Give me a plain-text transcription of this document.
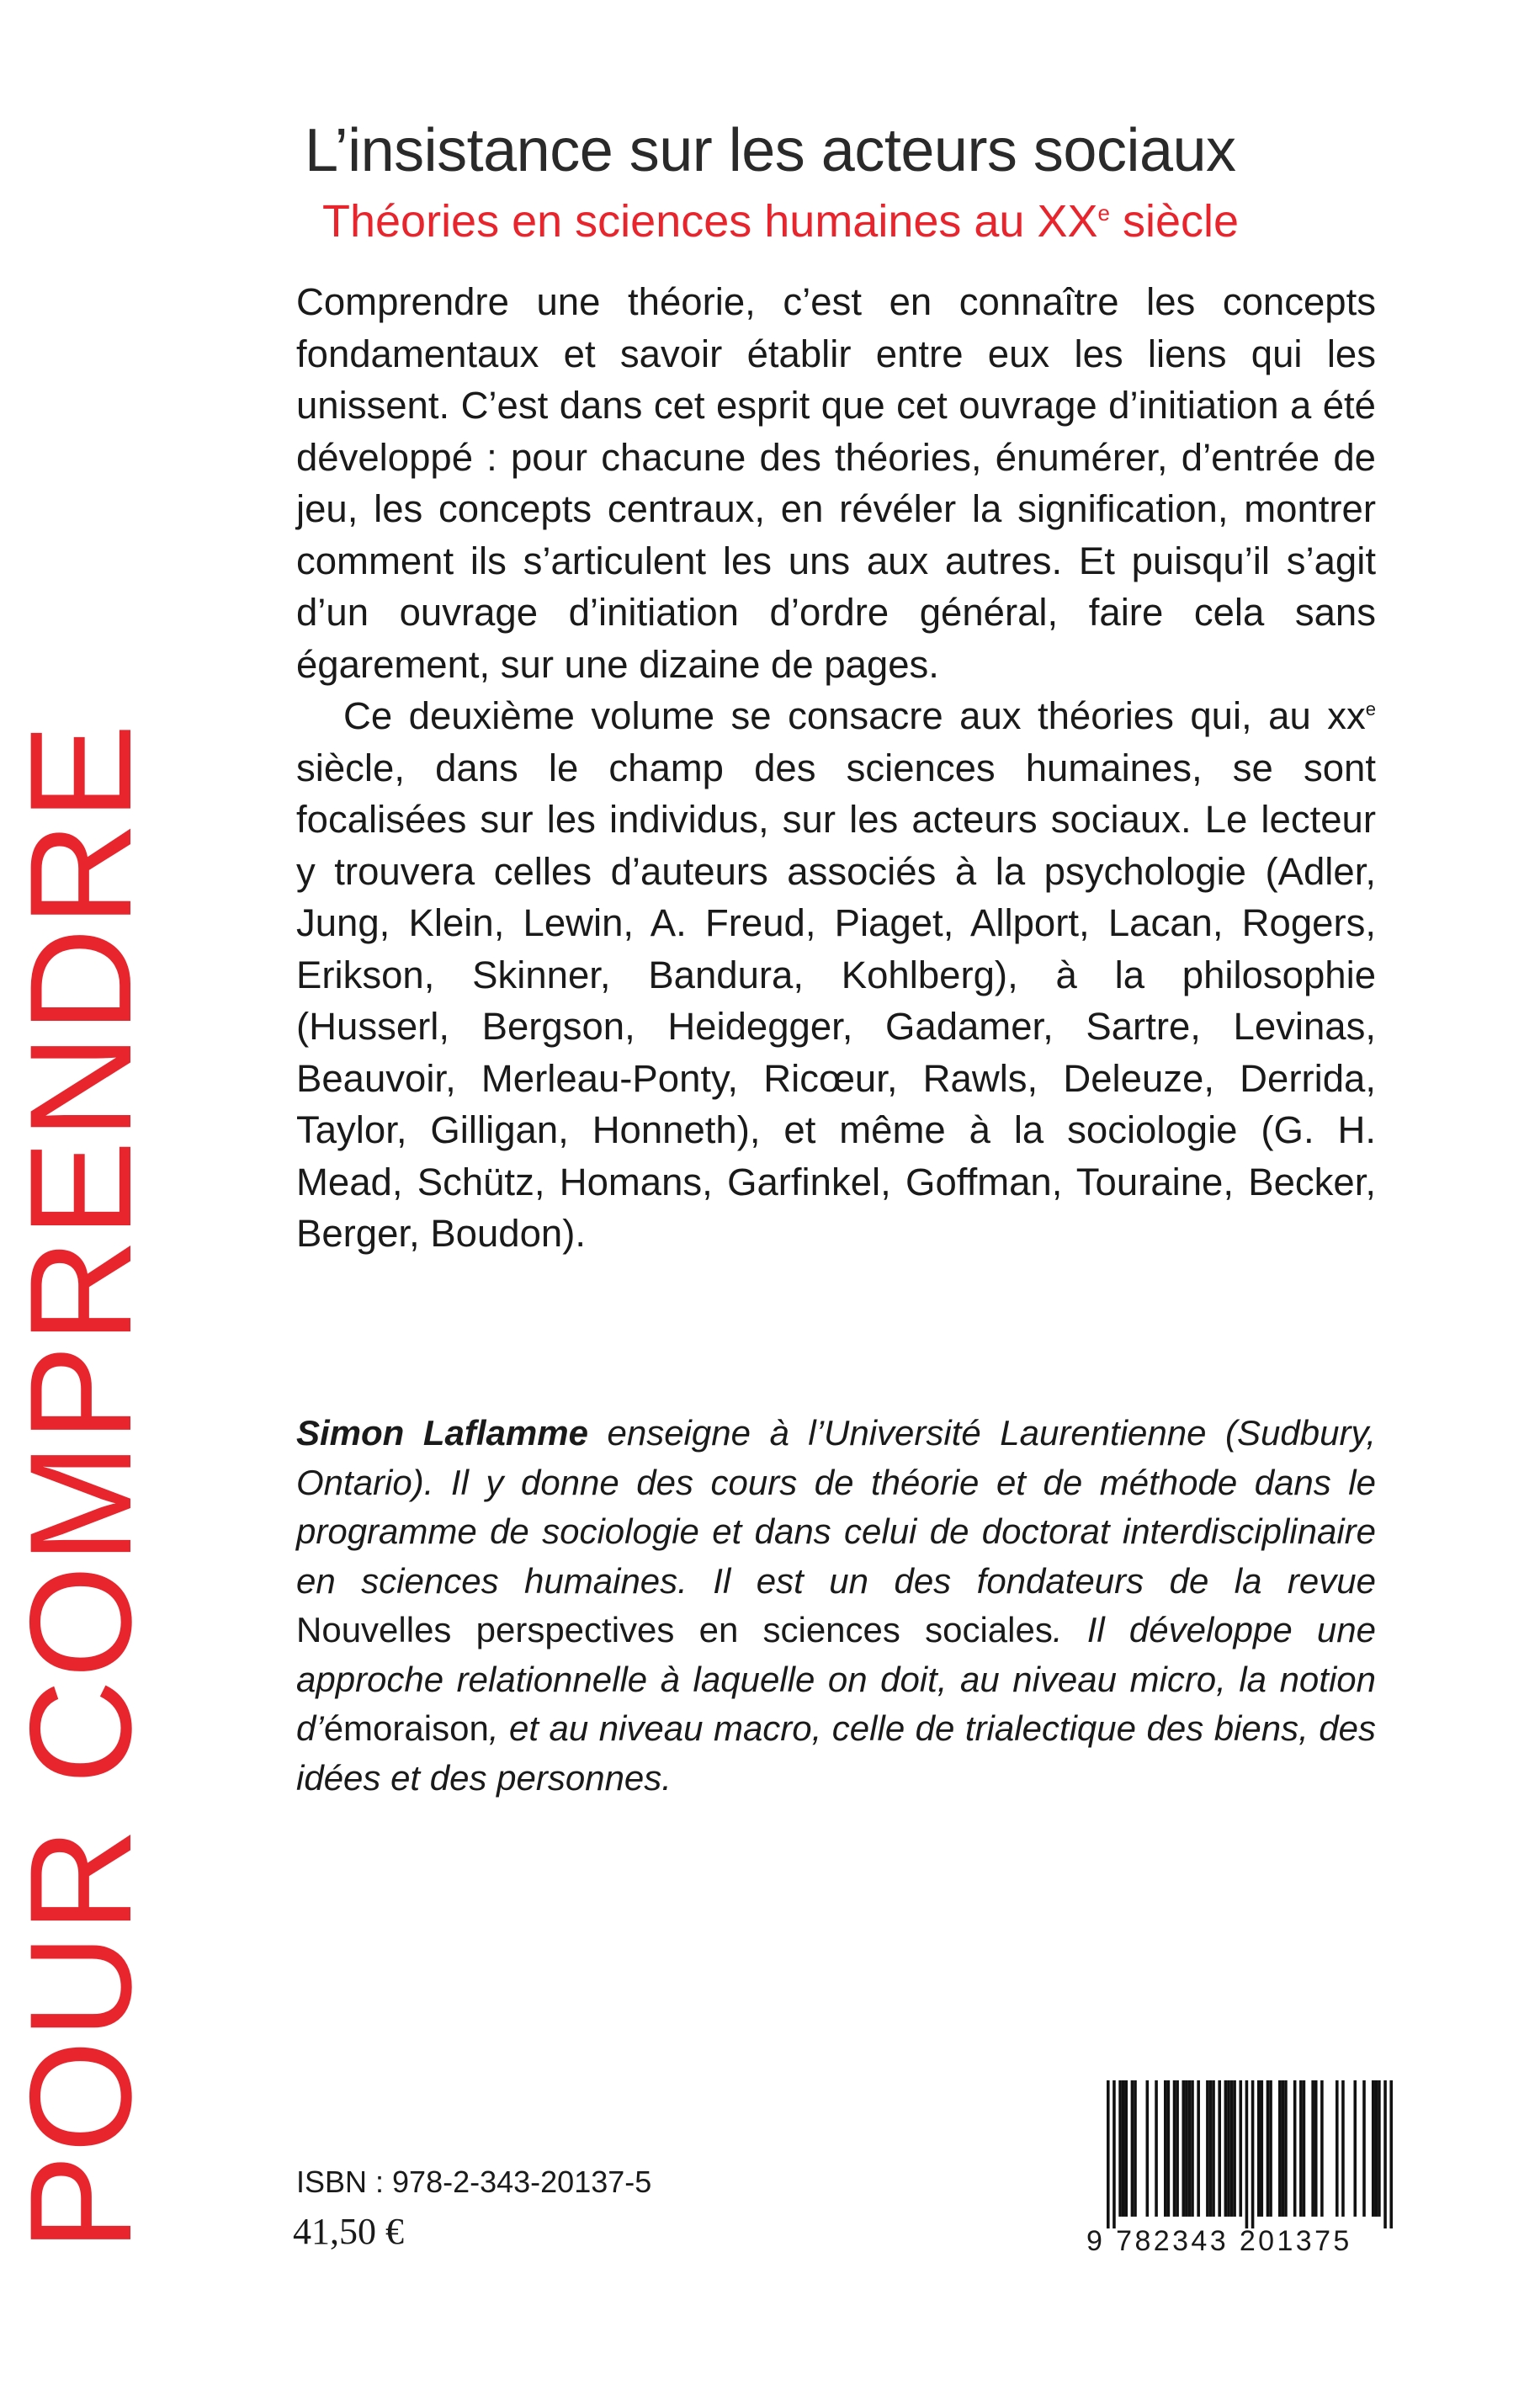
POUR COMPRENDRE
L’insistance sur les acteurs sociaux
Théories en sciences humaines au XXe siècle

Comprendre une théorie, c’est en connaître les concepts fondamentaux et savoir établir entre eux les liens qui les unissent. C’est dans cet esprit que cet ouvrage d’initiation a été développé : pour chacune des théories, énumérer, d’entrée de jeu, les concepts centraux, en révéler la signification, montrer comment ils s’articulent les uns aux autres. Et puisqu’il s’agit d’un ouvrage d’initiation d’ordre général, faire cela sans égarement, sur une dizaine de pages.

Ce deuxième volume se consacre aux théories qui, au $xx^e$ siècle, dans le champ des sciences humaines, se sont focalisées sur les individus, sur les acteurs sociaux. Le lecteur y trouvera celles d’auteurs associés à la psychologie (Adler, Jung, Klein, Lewin, A. Freud, Piaget, Allport, Lacan, Rogers, Erikson, Skinner, Bandura, Kohlberg), à la philosophie (Husserl, Bergson, Heidegger, Gadamer, Sartre, Levinas, Beauvoir, Merleau-Ponty, Ricœur, Rawls, Deleuze, Derrida, Taylor, Gilligan, Honneth), et même à la sociologie (G. H. Mead, Schütz, Homans, Garfinkel, Goffman, Touraine, Becker, Berger, Boudon).

Simon Laflamme enseigne à l’Université Laurentienne (Sudbury, Ontario). Il y donne des cours de théorie et de méthode dans le programme de sociologie et dans celui de doctorat interdisciplinaire en sciences humaines. Il est un des fondateurs de la revue Nouvelles perspectives en sciences sociales. Il développe une approche relationnelle à laquelle on doit, au niveau micro, la notion d’émoraison, et au niveau macro, celle de trialectique des biens, des idées et des personnes.

ISBN : 978-2-343-20137-5
41,50 €	9 782343 201375
